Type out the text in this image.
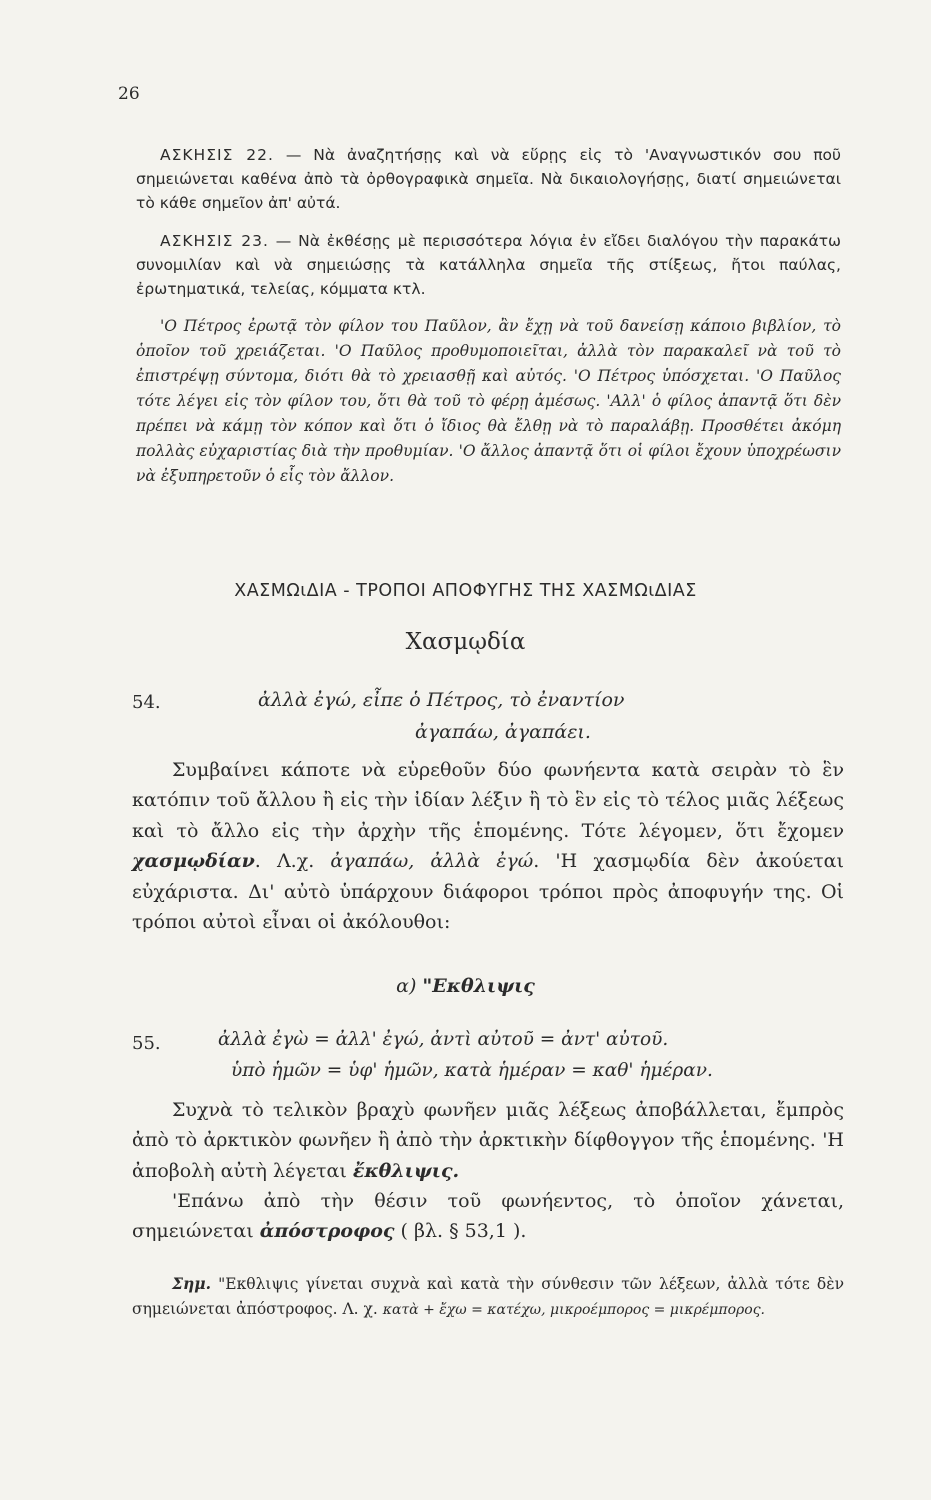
26

ΑΣΚΗΣΙΣ 22. — Νὰ ἀναζητήσῃς καὶ νὰ εὕρῃς εἰς τὸ 'Αναγνωστικόν σου ποῦ σημειώνεται καθένα ἀπὸ τὰ ὀρθογραφικὰ σημεῖα. Νὰ δικαιολογήσῃς, διατί σημειώνεται τὸ κάθε σημεῖον ἀπ' αὐτά.

ΑΣΚΗΣΙΣ 23. — Νὰ ἐκθέσῃς μὲ περισσότερα λόγια ἐν εἴδει διαλόγου τὴν παρακάτω συνομιλίαν καὶ νὰ σημειώσῃς τὰ κατάλληλα σημεῖα τῆς στίξεως, ἤτοι παύλας, ἐρωτηματικά, τελείας, κόμματα κτλ.

'Ο Πέτρος ἐρωτᾷ τὸν φίλον του Παῦλον, ἂν ἔχῃ νὰ τοῦ δανείσῃ κάποιο βιβλίον, τὸ ὁποῖον τοῦ χρειάζεται. 'Ο Παῦλος προθυμοποιεῖται, ἀλλὰ τὸν παρακαλεῖ νὰ τοῦ τὸ ἐπιστρέψῃ σύντομα, διότι θὰ τὸ χρειασθῇ καὶ αὐτός. 'Ο Πέτρος ὑπόσχεται. 'Ο Παῦλος τότε λέγει εἰς τὸν φίλον του, ὅτι θὰ τοῦ τὸ φέρῃ ἀμέσως. 'Αλλ' ὁ φίλος ἀπαντᾷ ὅτι δὲν πρέπει νὰ κάμῃ τὸν κόπον καὶ ὅτι ὁ ἴδιος θὰ ἔλθῃ νὰ τὸ παραλάβῃ. Προσθέτει ἀκόμη πολλὰς εὐχαριστίας διὰ τὴν προθυμίαν. 'Ο ἄλλος ἀπαντᾷ ὅτι οἱ φίλοι ἔχουν ὑποχρέωσιν νὰ ἐξυπηρετοῦν ὁ εἷς τὸν ἄλλον.
ΧΑΣΜΩιΔΙΑ - ΤΡΟΠΟΙ ΑΠΟΦΥΓΗΣ ΤΗΣ ΧΑΣΜΩιΔΙΑΣ
Χασμῳδία
54.	ἀλλὰ ἐγώ, εἶπε ὁ Πέτρος, τὸ ἐναντίον
ἀγαπάω, ἀγαπάει.

Συμβαίνει κάποτε νὰ εὑρεθοῦν δύο φωνήεντα κατὰ σειρὰν τὸ ἓν κατόπιν τοῦ ἄλλου ἢ εἰς τὴν ἰδίαν λέξιν ἢ τὸ ἓν εἰς τὸ τέλος μιᾶς λέξεως καὶ τὸ ἄλλο εἰς τὴν ἀρχὴν τῆς ἑπομένης. Τότε λέγομεν, ὅτι ἔχομεν χασμῳδίαν. Λ.χ. ἀγαπάω, ἀλλὰ ἐγώ. 'Η χασμῳδία δὲν ἀκούεται εὐχάριστα. Δι' αὐτὸ ὑπάρχουν διάφοροι τρόποι πρὸς ἀποφυγήν της. Οἱ τρόποι αὐτοὶ εἶναι οἱ ἀκόλουθοι:

α) "Εκθλιψις
55.	ἀλλὰ ἐγὼ = ἀλλ' ἐγώ, ἀντὶ αὐτοῦ = ἀντ' αὐτοῦ.
ὑπὸ ἡμῶν = ὑφ' ἡμῶν, κατὰ ἡμέραν = καθ' ἡμέραν.

Συχνὰ τὸ τελικὸν βραχὺ φωνῆεν μιᾶς λέξεως ἀποβάλλεται, ἔμπρὸς ἀπὸ τὸ ἀρκτικὸν φωνῆεν ἢ ἀπὸ τὴν ἀρκτικὴν δίφθογγον τῆς ἑπομένης. 'Η ἀποβολὴ αὐτὴ λέγεται ἔκθλιψις.

'Επάνω ἀπὸ τὴν θέσιν τοῦ φωνήεντος, τὸ ὁποῖον χάνεται, σημειώνεται ἀπόστροφος ( βλ. § 53,1 ).

Σημ. "Εκθλιψις γίνεται συχνὰ καὶ κατὰ τὴν σύνθεσιν τῶν λέξεων, ἀλλὰ τότε δὲν σημειώνεται ἀπόστροφος. Λ. χ. κατὰ + ἔχω = κατέχω, μικροέμπορος = μικρέμπορος.
